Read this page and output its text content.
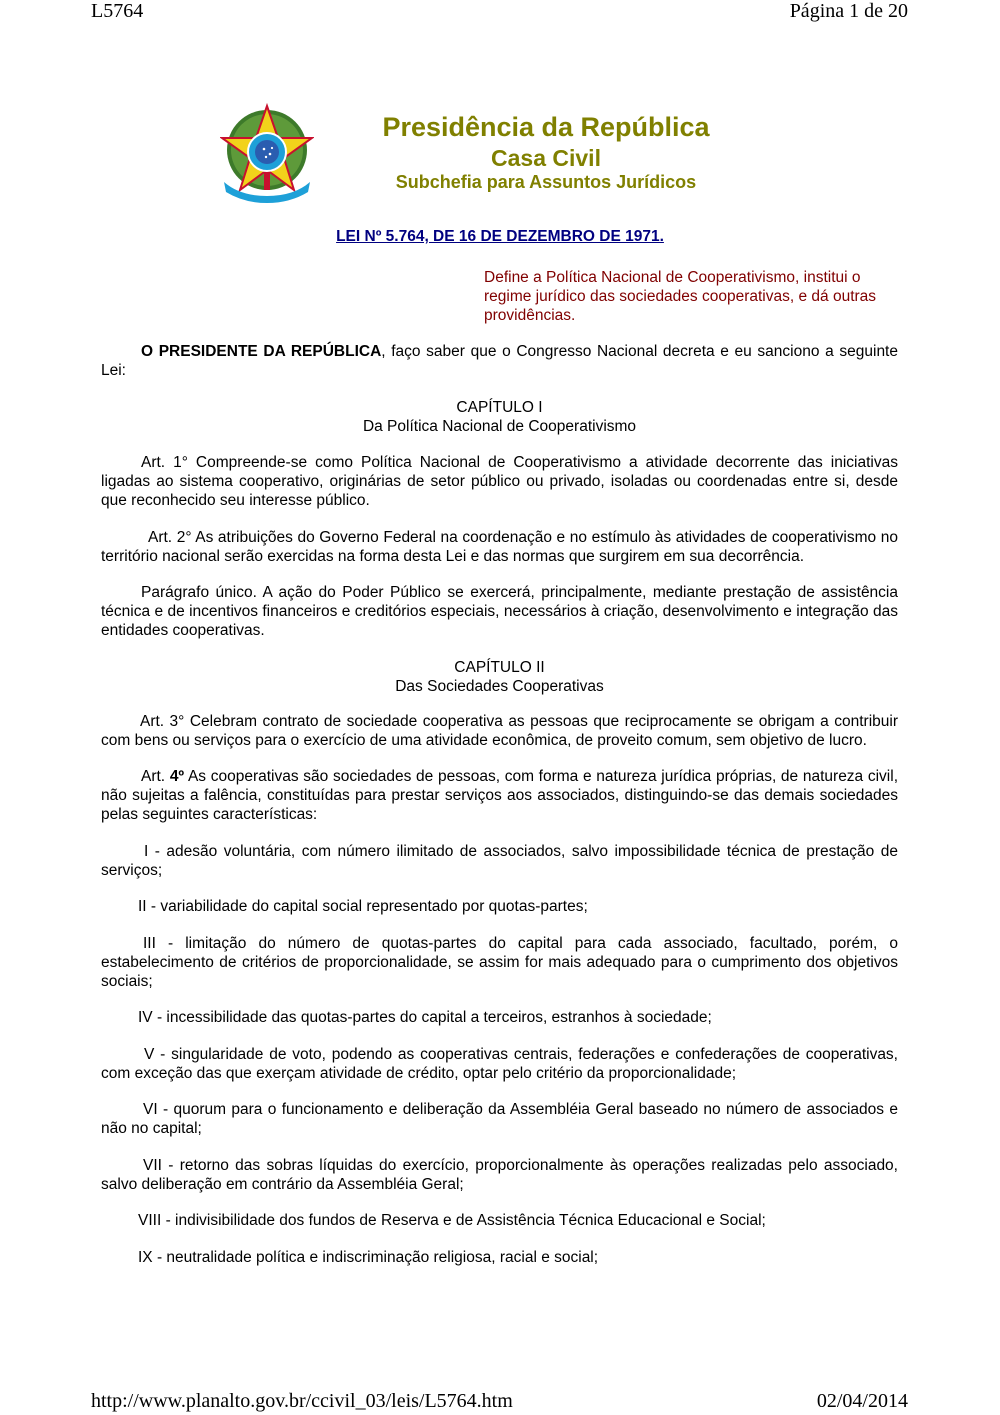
L5764	Página 1 de 20
Presidência da República
Casa Civil
Subchefia para Assuntos Jurídicos
LEI Nº 5.764, DE 16 DE DEZEMBRO DE 1971.
Define a Política Nacional de Cooperativismo, institui o regime jurídico das sociedades cooperativas, e dá outras providências.

O PRESIDENTE DA REPÚBLICA, faço saber que o Congresso Nacional decreta e eu sanciono a seguinte Lei:

CAPÍTULO I
Da Política Nacional de Cooperativismo

Art. 1° Compreende-se como Política Nacional de Cooperativismo a atividade decorrente das iniciativas ligadas ao sistema cooperativo, originárias de setor público ou privado, isoladas ou coordenadas entre si, desde que reconhecido seu interesse público.

Art. 2° As atribuições do Governo Federal na coordenação e no estímulo às atividades de cooperativismo no território nacional serão exercidas na forma desta Lei e das normas que surgirem em sua decorrência.

Parágrafo único. A ação do Poder Público se exercerá, principalmente, mediante prestação de assistência técnica e de incentivos financeiros e creditórios especiais, necessários à criação, desenvolvimento e integração das entidades cooperativas.

CAPÍTULO II
Das Sociedades Cooperativas

Art. 3° Celebram contrato de sociedade cooperativa as pessoas que reciprocamente se obrigam a contribuir com bens ou serviços para o exercício de uma atividade econômica, de proveito comum, sem objetivo de lucro.

Art. 4º As cooperativas são sociedades de pessoas, com forma e natureza jurídica próprias, de natureza civil, não sujeitas a falência, constituídas para prestar serviços aos associados, distinguindo-se das demais sociedades pelas seguintes características:

I - adesão voluntária, com número ilimitado de associados, salvo impossibilidade técnica de prestação de serviços;

II - variabilidade do capital social representado por quotas-partes;

III - limitação do número de quotas-partes do capital para cada associado, facultado, porém, o estabelecimento de critérios de proporcionalidade, se assim for mais adequado para o cumprimento dos objetivos sociais;

IV - incessibilidade das quotas-partes do capital a terceiros, estranhos à sociedade;

V - singularidade de voto, podendo as cooperativas centrais, federações e confederações de cooperativas, com exceção das que exerçam atividade de crédito, optar pelo critério da proporcionalidade;

VI - quorum para o funcionamento e deliberação da Assembléia Geral baseado no número de associados e não no capital;

VII - retorno das sobras líquidas do exercício, proporcionalmente às operações realizadas pelo associado, salvo deliberação em contrário da Assembléia Geral;

VIII - indivisibilidade dos fundos de Reserva e de Assistência Técnica Educacional e Social;

IX - neutralidade política e indiscriminação religiosa, racial e social;

http://www.planalto.gov.br/ccivil_03/leis/L5764.htm	02/04/2014
